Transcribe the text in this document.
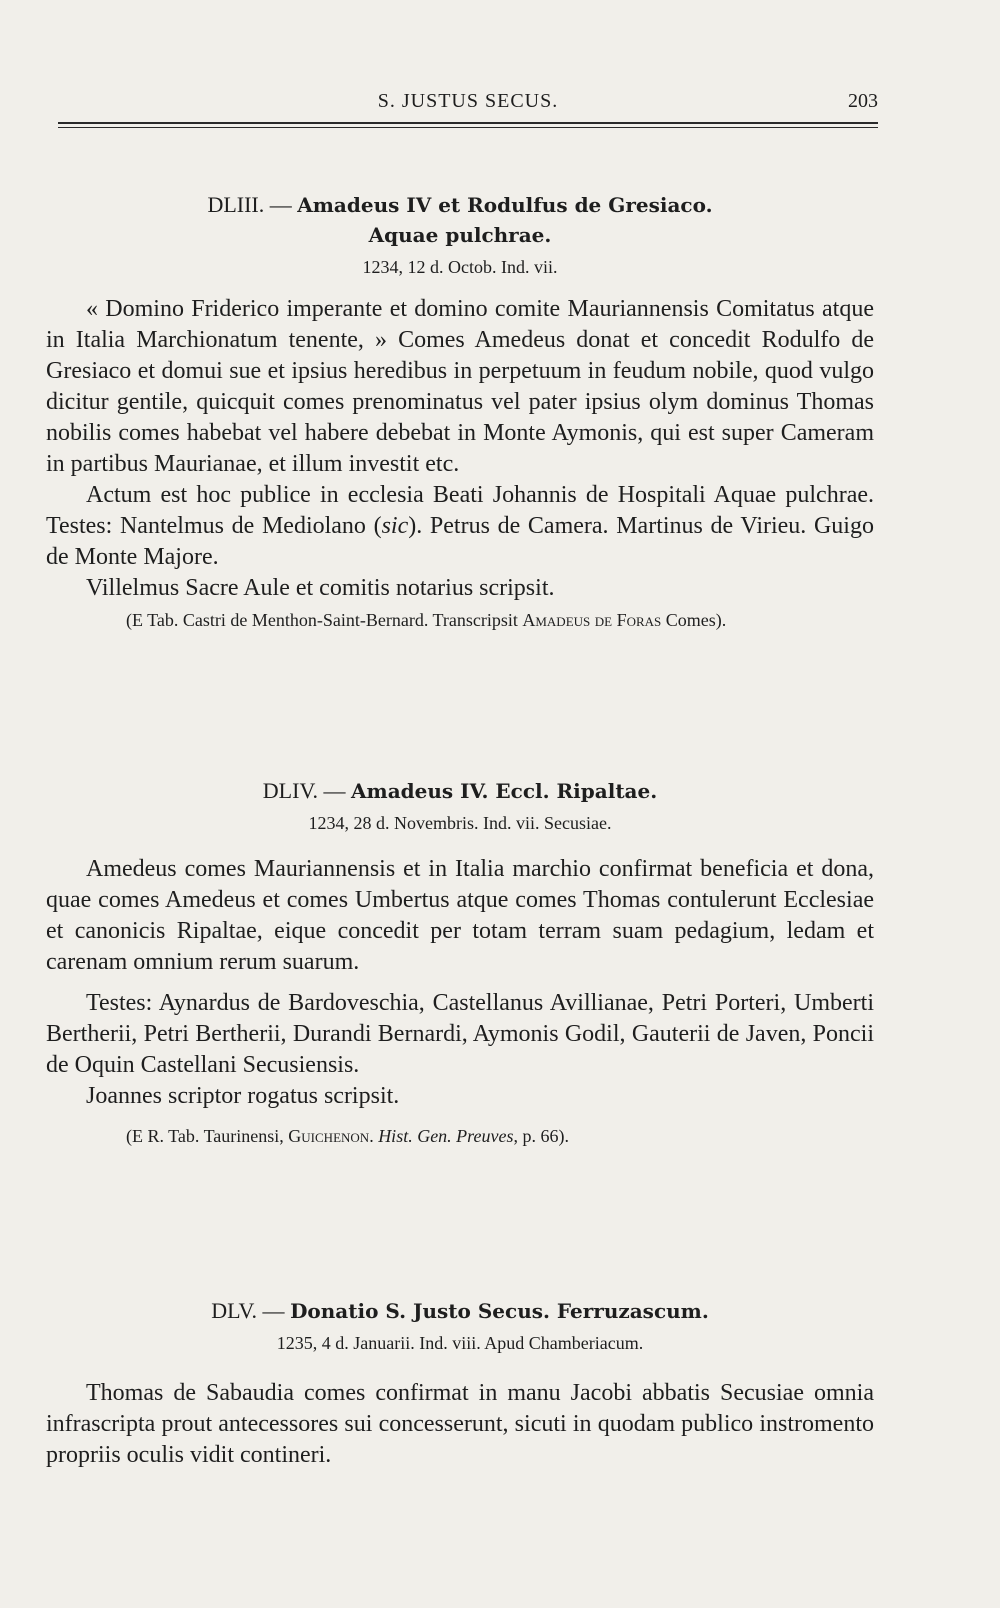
S. JUSTUS SECUS.	203
DLIII. — Amadeus IV et Rodulfus de Gresiaco.
Aquae pulchrae.
1234, 12 d. Octob. Ind. vii.

« Domino Friderico imperante et domino comite Mauriannensis Comitatus atque in Italia Marchionatum tenente, » Comes Amedeus donat et concedit Rodulfo de Gresiaco et domui sue et ipsius heredibus in perpetuum in feudum nobile, quod vulgo dicitur gentile, quicquit comes prenominatus vel pater ipsius olym dominus Thomas nobilis comes habebat vel habere debebat in Monte Aymonis, qui est super Cameram in partibus Maurianae, et illum investit etc.

Actum est hoc publice in ecclesia Beati Johannis de Hospitali Aquae pulchrae. Testes: Nantelmus de Mediolano (sic). Petrus de Camera. Martinus de Virieu. Guigo de Monte Majore.

Villelmus Sacre Aule et comitis notarius scripsit.

(E Tab. Castri de Menthon-Saint-Bernard. Transcripsit Amadeus de Foras Comes).

DLIV. — Amadeus IV. Eccl. Ripaltae.
1234, 28 d. Novembris. Ind. vii. Secusiae.

Amedeus comes Mauriannensis et in Italia marchio confirmat beneficia et dona, quae comes Amedeus et comes Umbertus atque comes Thomas contulerunt Ecclesiae et canonicis Ripaltae, eique concedit per totam terram suam pedagium, ledam et carenam omnium rerum suarum.

Testes: Aynardus de Bardoveschia, Castellanus Avillianae, Petri Porteri, Umberti Bertherii, Petri Bertherii, Durandi Bernardi, Aymonis Godil, Gauterii de Javen, Poncii de Oquin Castellani Secusiensis.

Joannes scriptor rogatus scripsit.

(E R. Tab. Taurinensi, Guichenon. Hist. Gen. Preuves, p. 66).

DLV. — Donatio S. Justo Secus. Ferruzascum.
1235, 4 d. Januarii. Ind. viii. Apud Chamberiacum.

Thomas de Sabaudia comes confirmat in manu Jacobi abbatis Secusiae omnia infrascripta prout antecessores sui concesserunt, sicuti in quodam publico instromento propriis oculis vidit contineri.
